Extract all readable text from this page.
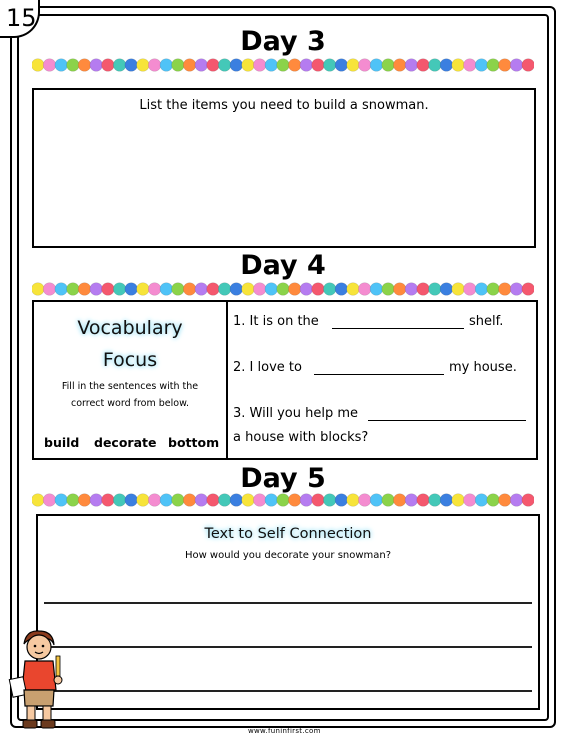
15
Day 3
List the items you need to build a snowman.
Day 4
Vocabulary
Focus
Fill in the sentences with the
correct word from below.
build decorate bottom
1. It is on the	shelf.
2. I love to	my house.
3. Will you help me
a house with blocks?
Day 5
Text to Self Connection
How would you decorate your snowman?
www.funinfirst.com
